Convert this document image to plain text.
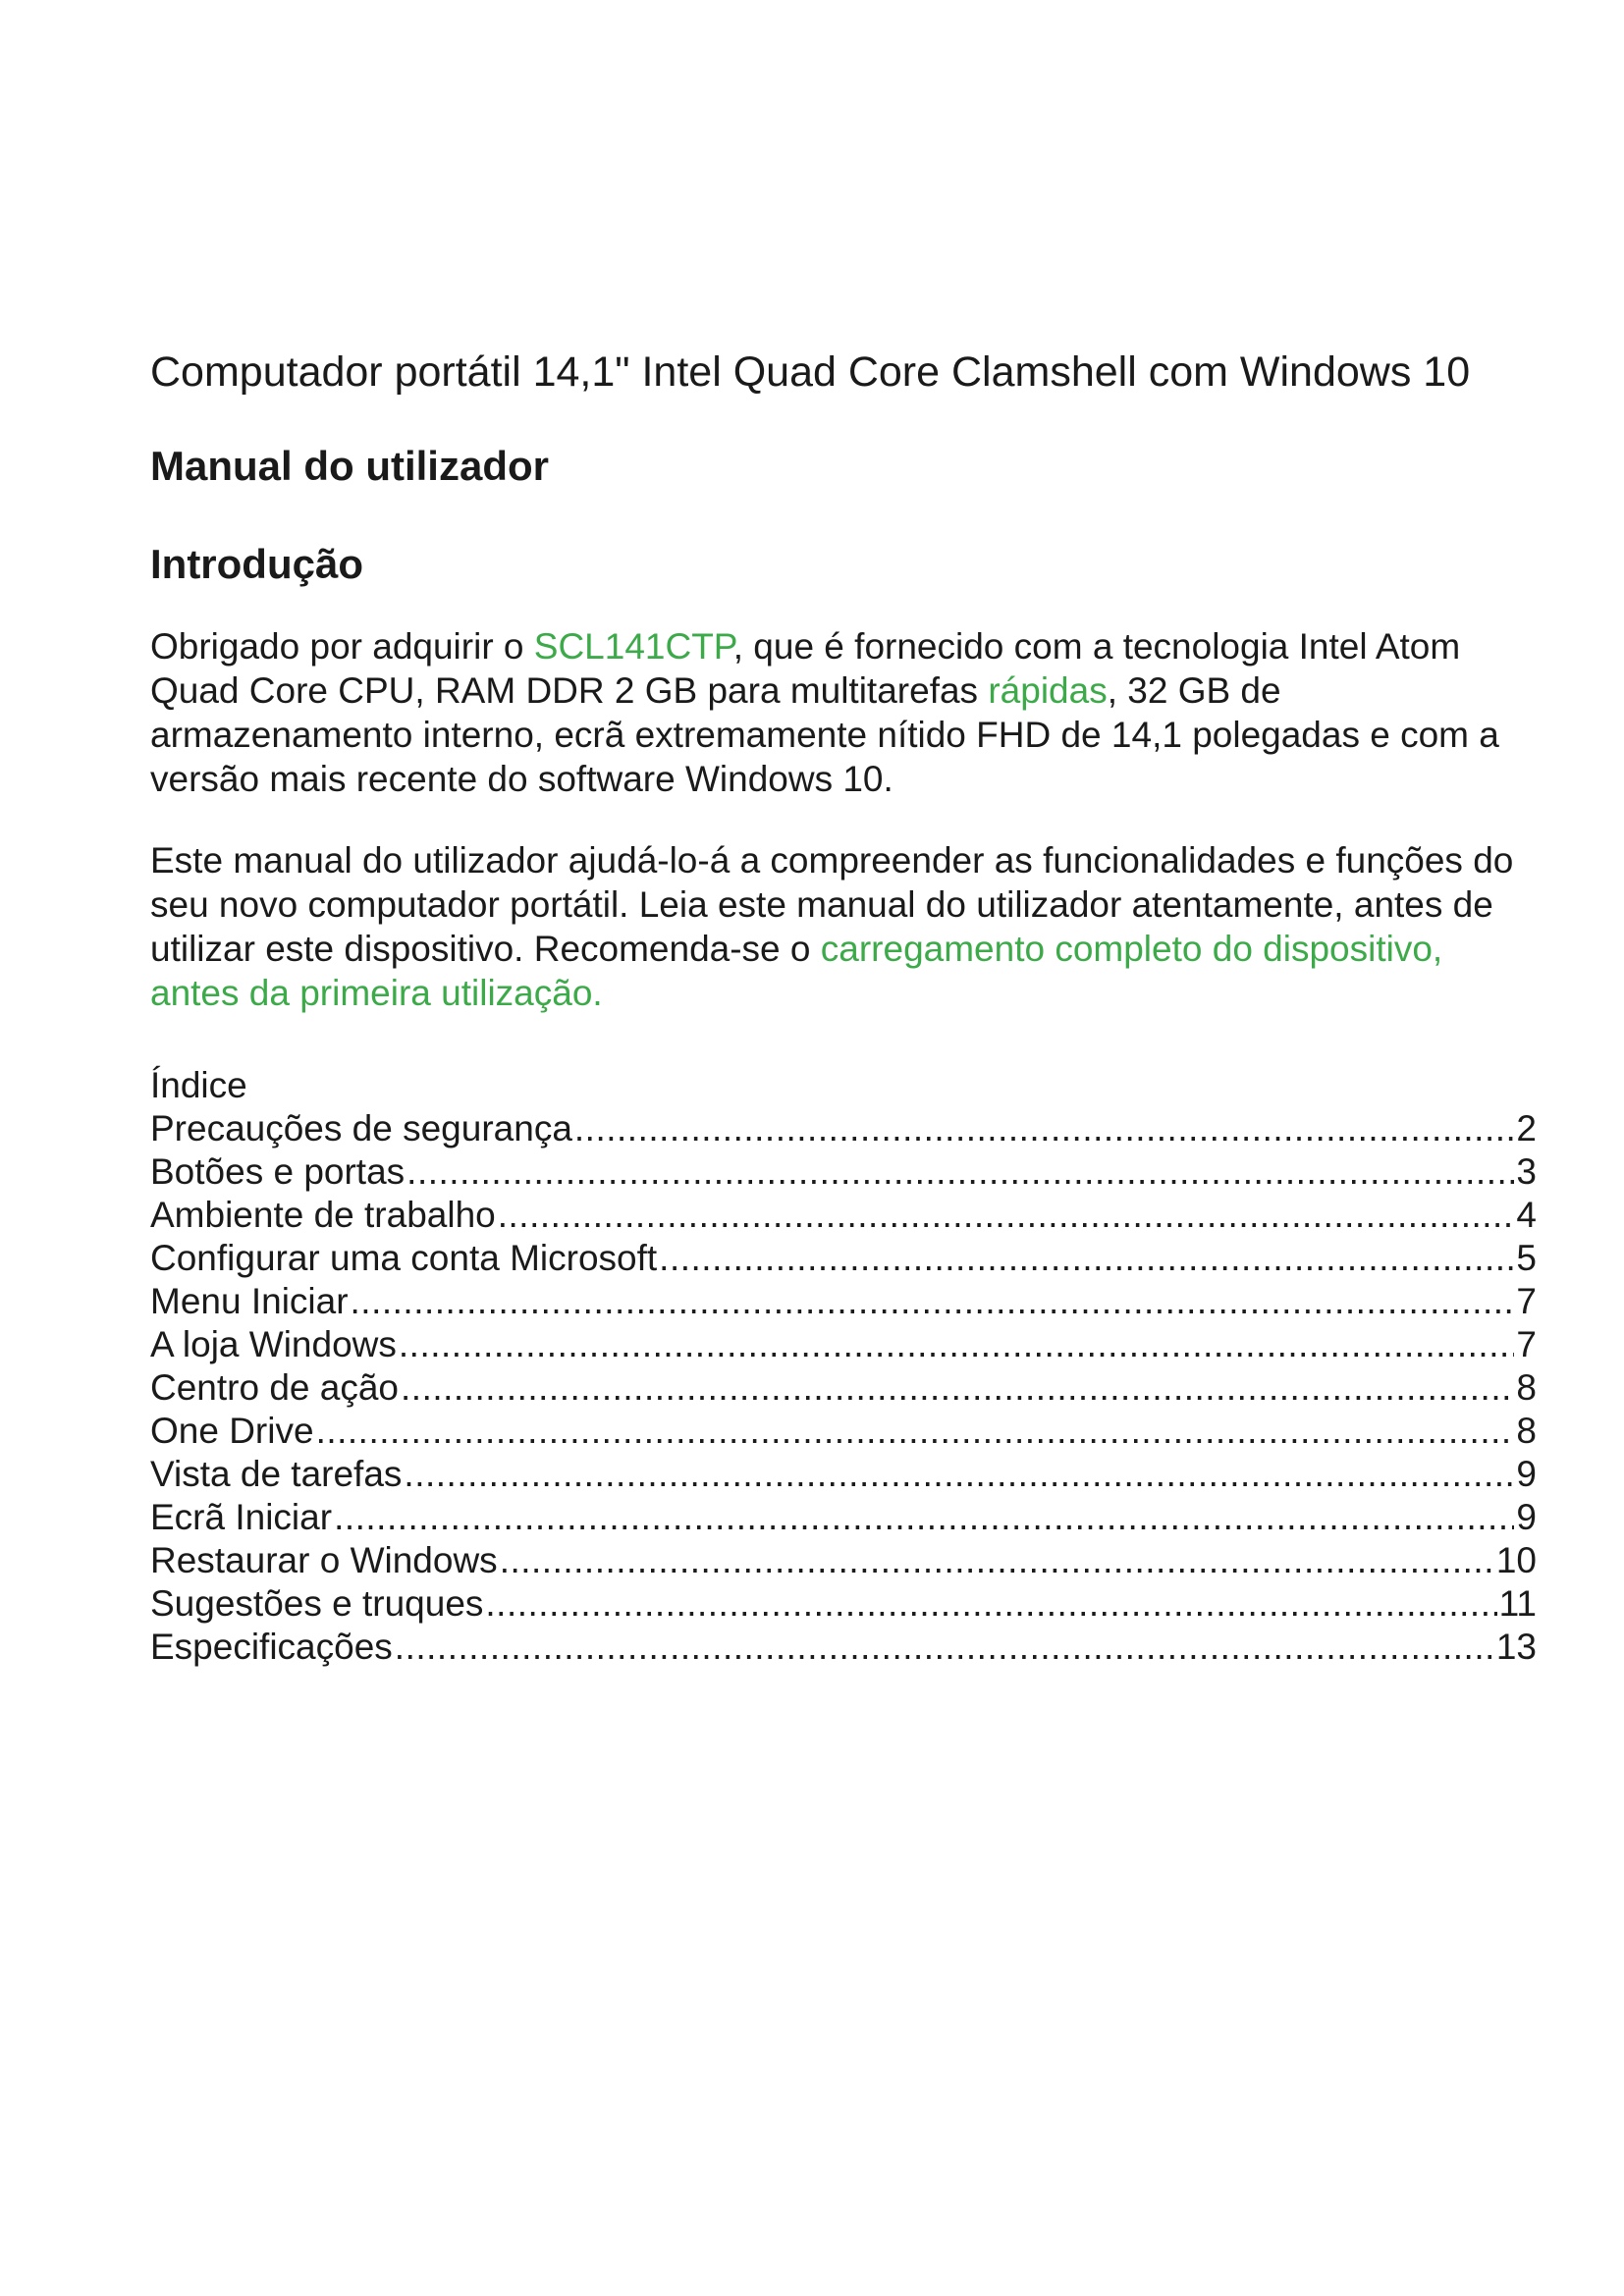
Computador portátil 14,1" Intel Quad Core Clamshell com Windows 10
Manual do utilizador
Introdução

Obrigado por adquirir o SCL141CTP, que é fornecido com a tecnologia Intel Atom Quad Core CPU, RAM DDR 2 GB para multitarefas rápidas, 32 GB de armazenamento interno, ecrã extremamente nítido FHD de 14,1 polegadas e com a versão mais recente do software Windows 10.

Este manual do utilizador ajudá-lo-á a compreender as funcionalidades e funções do seu novo computador portátil. Leia este manual do utilizador atentamente, antes de utilizar este dispositivo. Recomenda-se o carregamento completo do dispositivo, antes da primeira utilização.

Índice
Precauções de segurança .....	2
Botões e portas .....	3
Ambiente de trabalho .....	4
Configurar uma conta Microsoft .....	5
Menu Iniciar .....	7
A loja Windows .....	7
Centro de ação .....	8
One Drive .....	8
Vista de tarefas .....	9
Ecrã Iniciar .....	9
Restaurar o Windows .....	10
Sugestões e truques .....	11
Especificações .....	13
